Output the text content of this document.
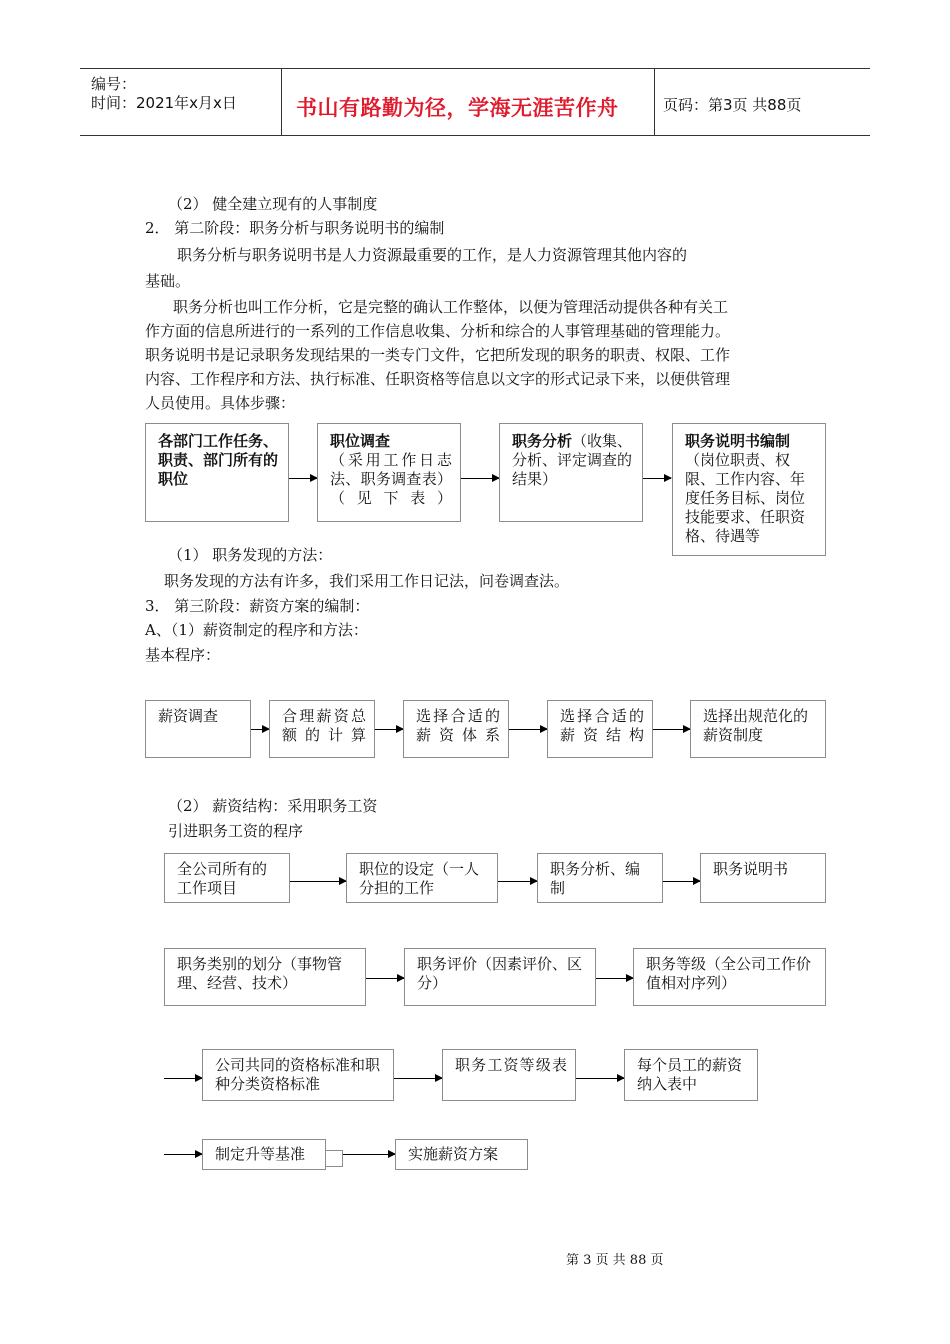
编号：
时间：2021年x月x日	书山有路勤为径，学海无涯苦作舟	页码：第3页 共88页
（2） 健全建立现有的人事制度
2． 第二阶段：职务分析与职务说明书的编制
职务分析与职务说明书是人力资源最重要的工作，是人力资源管理其他内容的
基础。
职务分析也叫工作分析，它是完整的确认工作整体，以便为管理活动提供各种有关工
作方面的信息所进行的一系列的工作信息收集、分析和综合的人事管理基础的管理能力。
职务说明书是记录职务发现结果的一类专门文件，它把所发现的职务的职责、权限、工作
内容、工作程序和方法、执行标准、任职资格等信息以文字的形式记录下来，以便供管理
人员使用。具体步骤：
各部门工作任务、职责、部门所有的职位
职位调查
（采用工作日志法、职务调查表）（见下表）
职务分析（收集、分析、评定调查的结果）
职务说明书编制（岗位职责、权限、工作内容、年度任务目标、岗位技能要求、任职资格、待遇等
（1） 职务发现的方法：
职务发现的方法有许多，我们采用工作日记法，问卷调查法。
3． 第三阶段：薪资方案的编制：
A、（1）薪资制定的程序和方法：
基本程序：
薪资调查	合理薪资总额的计算
选择合适的薪资体系
选择合适的薪资结构
选择出规范化的薪资制度
（2） 薪资结构：采用职务工资
引进职务工资的程序
全公司所有的工作项目
职位的设定（一人分担的工作
职务分析、编制
职务说明书
职务类别的划分（事物管理、经营、技术）
职务评价（因素评价、区分）
职务等级（全公司工作价值相对序列）
公司共同的资格标准和职种分类资格标准
职务工资等级表	每个员工的薪资纳入表中
制定升等基准	实施薪资方案
第 3 页 共 88 页
